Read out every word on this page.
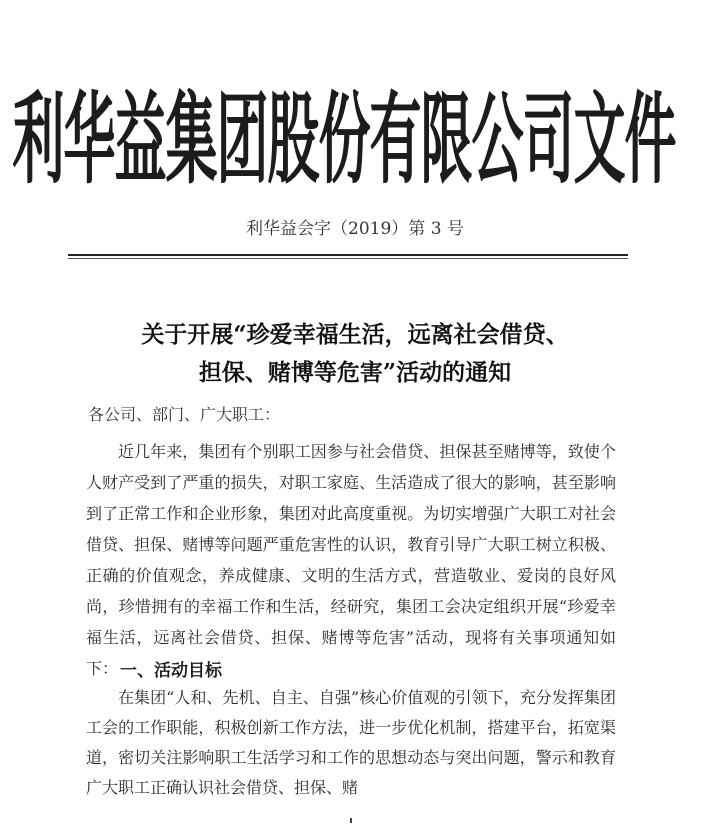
利华益集团股份有限公司文件
利华益会字（2019）第 3 号
关于开展“珍爱幸福生活，远离社会借贷、
担保、赌博等危害”活动的通知
各公司、部门、广大职工：

近几年来，集团有个别职工因参与社会借贷、担保甚至赌博等，致使个人财产受到了严重的损失，对职工家庭、生活造成了很大的影响，甚至影响到了正常工作和企业形象，集团对此高度重视。为切实增强广大职工对社会借贷、担保、赌博等问题严重危害性的认识，教育引导广大职工树立积极、正确的价值观念，养成健康、文明的生活方式，营造敬业、爱岗的良好风尚，珍惜拥有的幸福工作和生活，经研究，集团工会决定组织开展“珍爱幸福生活，远离社会借贷、担保、赌博等危害”活动，现将有关事项通知如下： 一、活动目标

在集团“人和、先机、自主、自强”核心价值观的引领下，充分发挥集团工会的工作职能，积极创新工作方法，进一步优化机制，搭建平台，拓宽渠道，密切关注影响职工生活学习和工作的思想动态与突出问题，警示和教育广大职工正确认识社会借贷、担保、赌
